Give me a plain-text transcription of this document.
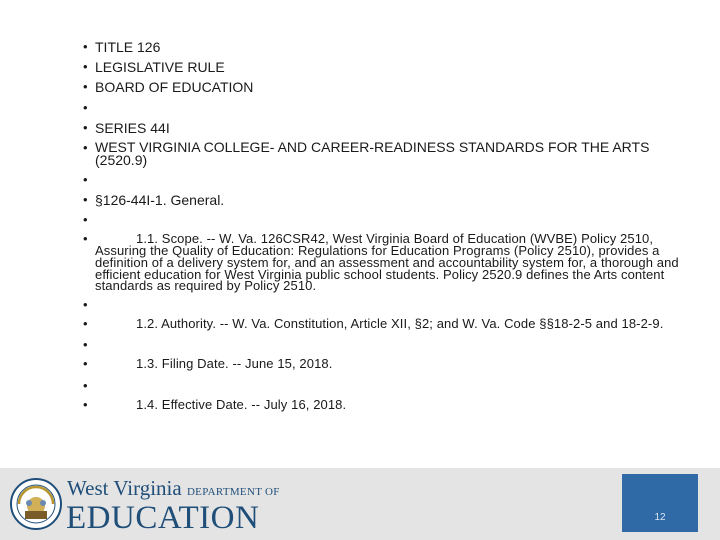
• TITLE 126
• LEGISLATIVE RULE
• BOARD OF EDUCATION
•
• SERIES 44I
• WEST VIRGINIA COLLEGE- AND CAREER-READINESS STANDARDS FOR THE ARTS (2520.9)
•
• §126-44I-1. General.
•
•	1.1. Scope. -- W. Va. 126CSR42, West Virginia Board of Education (WVBE) Policy 2510, Assuring the Quality of Education: Regulations for Education Programs (Policy 2510), provides a definition of a delivery system for, and an assessment and accountability system for, a thorough and efficient education for West Virginia public school students. Policy 2520.9 defines the Arts content standards as required by Policy 2510.
•
•	1.2. Authority. -- W. Va. Constitution, Article XII, §2; and W. Va. Code §§18-2-5 and 18-2-9.
•
•	1.3. Filing Date. -- June 15, 2018.
•
•	1.4. Effective Date. -- July 16, 2018.
West Virginia DEPARTMENT OF
EDUCATION	12
